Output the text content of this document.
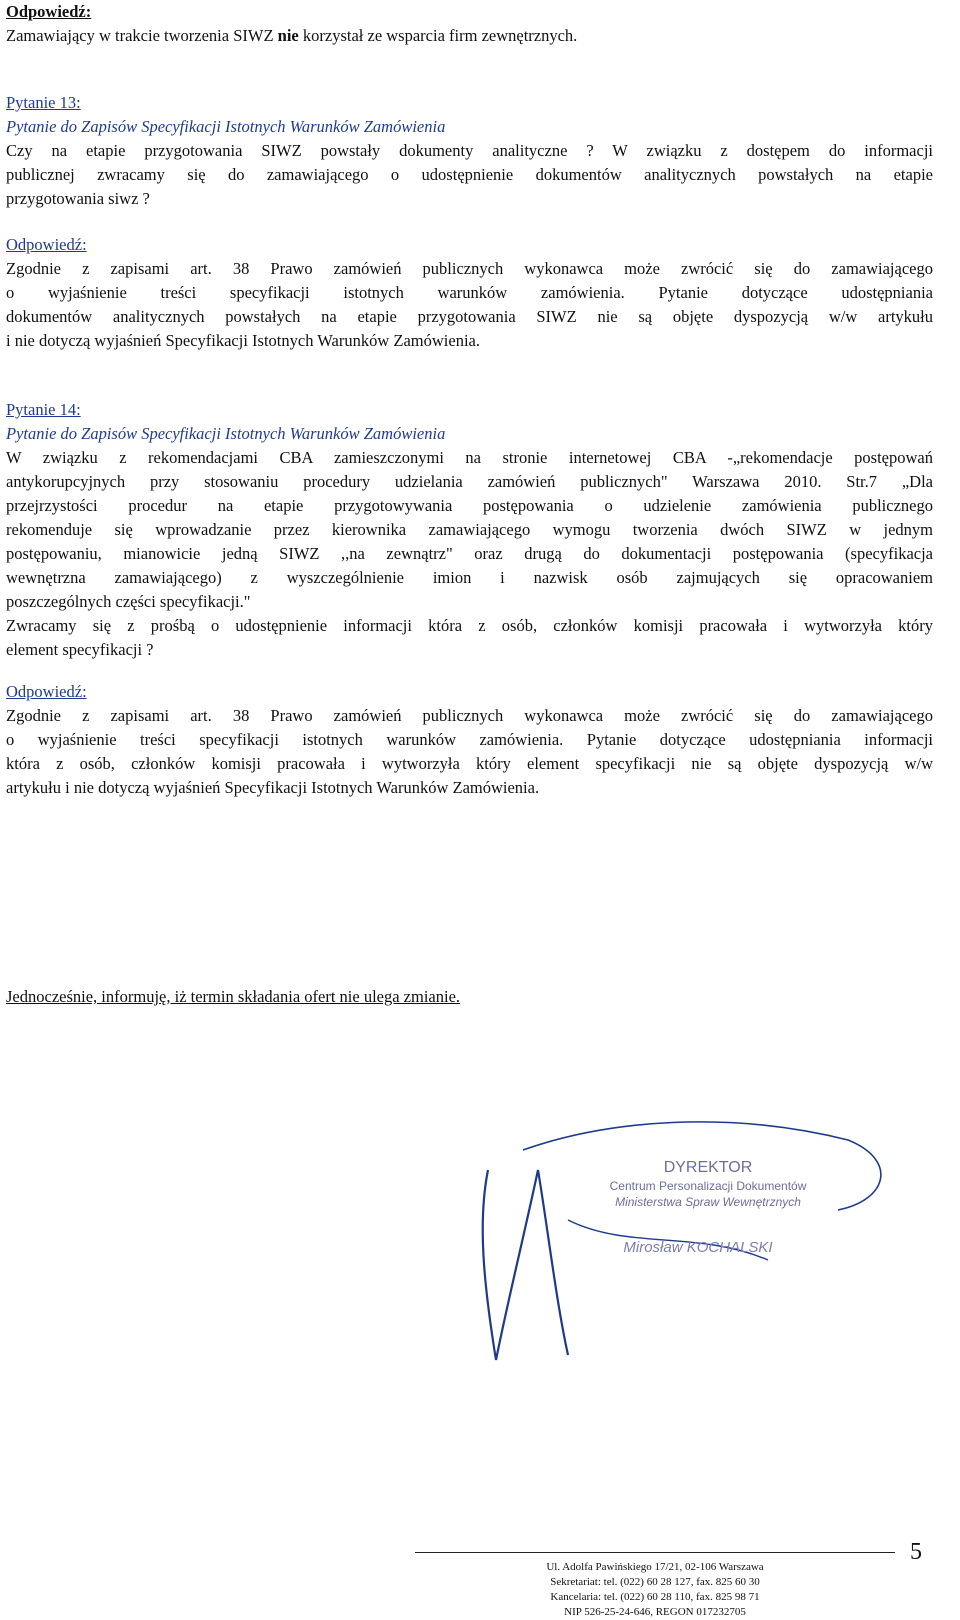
Odpowiedź:
Zamawiający w trakcie tworzenia SIWZ nie korzystał ze wsparcia firm zewnętrznych.
Pytanie 13:
Pytanie do Zapisów Specyfikacji Istotnych Warunków Zamówienia
Czy na etapie przygotowania SIWZ powstały dokumenty analityczne ? W związku z dostępem do informacji
publicznej zwracamy się do zamawiającego o udostępnienie dokumentów analitycznych powstałych na etapie
przygotowania siwz ?
Odpowiedź:
Zgodnie z zapisami art. 38 Prawo zamówień publicznych wykonawca może zwrócić się do zamawiającego
o wyjaśnienie treści specyfikacji istotnych warunków zamówienia. Pytanie dotyczące udostępniania
dokumentów analitycznych powstałych na etapie przygotowania SIWZ nie są objęte dyspozycją w/w artykułu
i nie dotyczą wyjaśnień Specyfikacji Istotnych Warunków Zamówienia.
Pytanie 14:
Pytanie do Zapisów Specyfikacji Istotnych Warunków Zamówienia
W związku z rekomendacjami CBA zamieszczonymi na stronie internetowej CBA -„rekomendacje postępowań
antykorupcyjnych przy stosowaniu procedury udzielania zamówień publicznych" Warszawa 2010. Str.7 „Dla
przejrzystości procedur na etapie przygotowywania postępowania o udzielenie zamówienia publicznego
rekomenduje się wprowadzanie przez kierownika zamawiającego wymogu tworzenia dwóch SIWZ w jednym
postępowaniu, mianowicie jedną SIWZ ,,na zewnątrz" oraz drugą do dokumentacji postępowania (specyfikacja
wewnętrzna zamawiającego) z wyszczególnienie imion i nazwisk osób zajmujących się opracowaniem
poszczególnych części specyfikacji."
Zwracamy się z prośbą o udostępnienie informacji która z osób, członków komisji pracowała i wytworzyła który
element specyfikacji ?
Odpowiedź:
Zgodnie z zapisami art. 38 Prawo zamówień publicznych wykonawca może zwrócić się do zamawiającego
o wyjaśnienie treści specyfikacji istotnych warunków zamówienia. Pytanie dotyczące udostępniania informacji
która z osób, członków komisji pracowała i wytworzyła który element specyfikacji nie są objęte dyspozycją w/w
artykułu i nie dotyczą wyjaśnień Specyfikacji Istotnych Warunków Zamówienia.
Jednocześnie, informuję, iż termin składania ofert nie ulega zmianie.
DYREKTOR
Centrum Personalizacji Dokumentów
Ministerstwa Spraw Wewnętrznych
Mirosław KOCHALSKI
Ul. Adolfa Pawińskiego 17/21, 02-106 Warszawa
Sekretariat: tel. (022) 60 28 127, fax. 825 60 30
Kancelaria: tel. (022) 60 28 110, fax. 825 98 71
NIP 526-25-24-646, REGON 017232705
5
